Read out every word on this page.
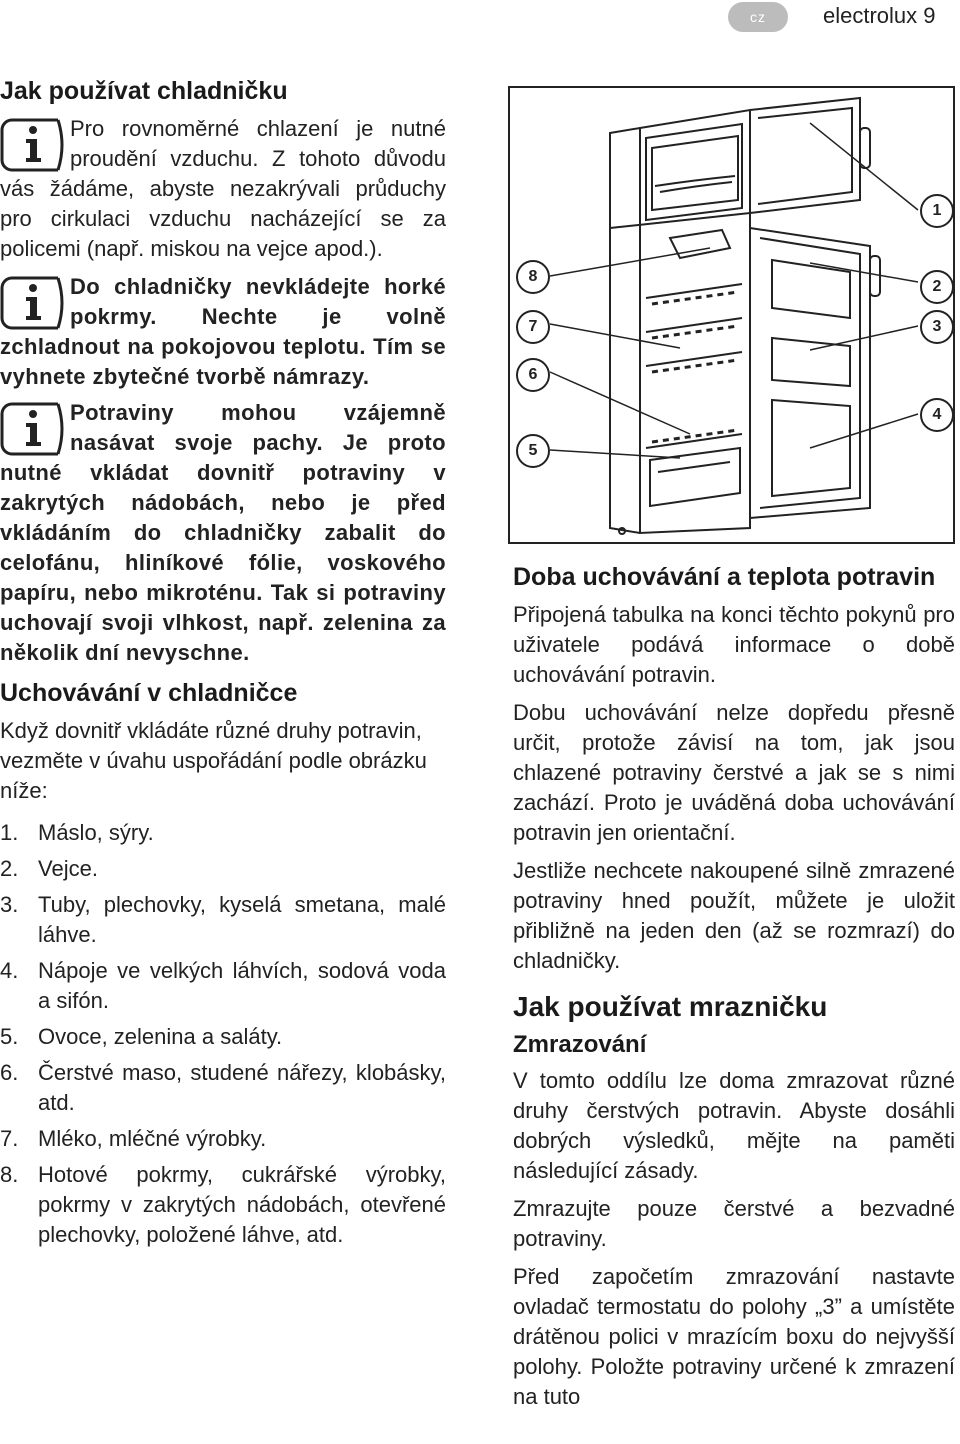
cz	electrolux 9
Jak používat chladničku

Pro rovnoměrné chlazení je nutné proudění vzduchu. Z tohoto důvodu vás žádáme, abyste nezakrývali průduchy pro cirkulaci vzduchu nacházející se za policemi (např. miskou na vejce apod.).

Do chladničky nevkládejte horké pokrmy. Nechte je volně zchladnout na pokojovou teplotu. Tím se vyhnete zbytečné tvorbě námrazy.

Potraviny mohou vzájemně nasávat svoje pachy. Je proto nutné vkládat dovnitř potraviny v zakrytých nádobách, nebo je před vkládáním do chladničky zabalit do celofánu, hliníkové fólie, voskového papíru, nebo mikroténu. Tak si potraviny uchovají svoji vlhkost, např. zelenina za několik dní nevyschne.

Uchovávání v chladničce

Když dovnitř vkládáte různé druhy potravin, vezměte v úvahu uspořádání podle obrázku níže:

1. Máslo, sýry.
2. Vejce.
3. Tuby, plechovky, kyselá smetana, malé láhve.
4. Nápoje ve velkých láhvích, sodová voda a sifón.
5. Ovoce, zelenina a saláty.
6. Čerstvé maso, studené nářezy, klobásky, atd.
7. Mléko, mléčné výrobky.
8. Hotové pokrmy, cukrářské výrobky, pokrmy v zakrytých nádobách, otevřené plechovky, položené láhve, atd.
1
2
3
4
5
6
7
8
Doba uchovávání a teplota potravin

Připojená tabulka na konci těchto pokynů pro uživatele podává informace o době uchovávání potravin.

Dobu uchovávání nelze dopředu přesně určit, protože závisí na tom, jak jsou chlazené potraviny čerstvé a jak se s nimi zachází. Proto je uváděná doba uchovávání potravin jen orientační.

Jestliže nechcete nakoupené silně zmrazené potraviny hned použít, můžete je uložit přibližně na jeden den (až se rozmrazí) do chladničky.

Jak používat mrazničku
Zmrazování

V tomto oddílu lze doma zmrazovat různé druhy čerstvých potravin. Abyste dosáhli dobrých výsledků, mějte na paměti následující zásady.

Zmrazujte pouze čerstvé a bezvadné potraviny.

Před započetím zmrazování nastavte ovladač termostatu do polohy „3” a umístěte drátěnou polici v mrazícím boxu do nejvyšší polohy. Položte potraviny určené k zmrazení na tuto
